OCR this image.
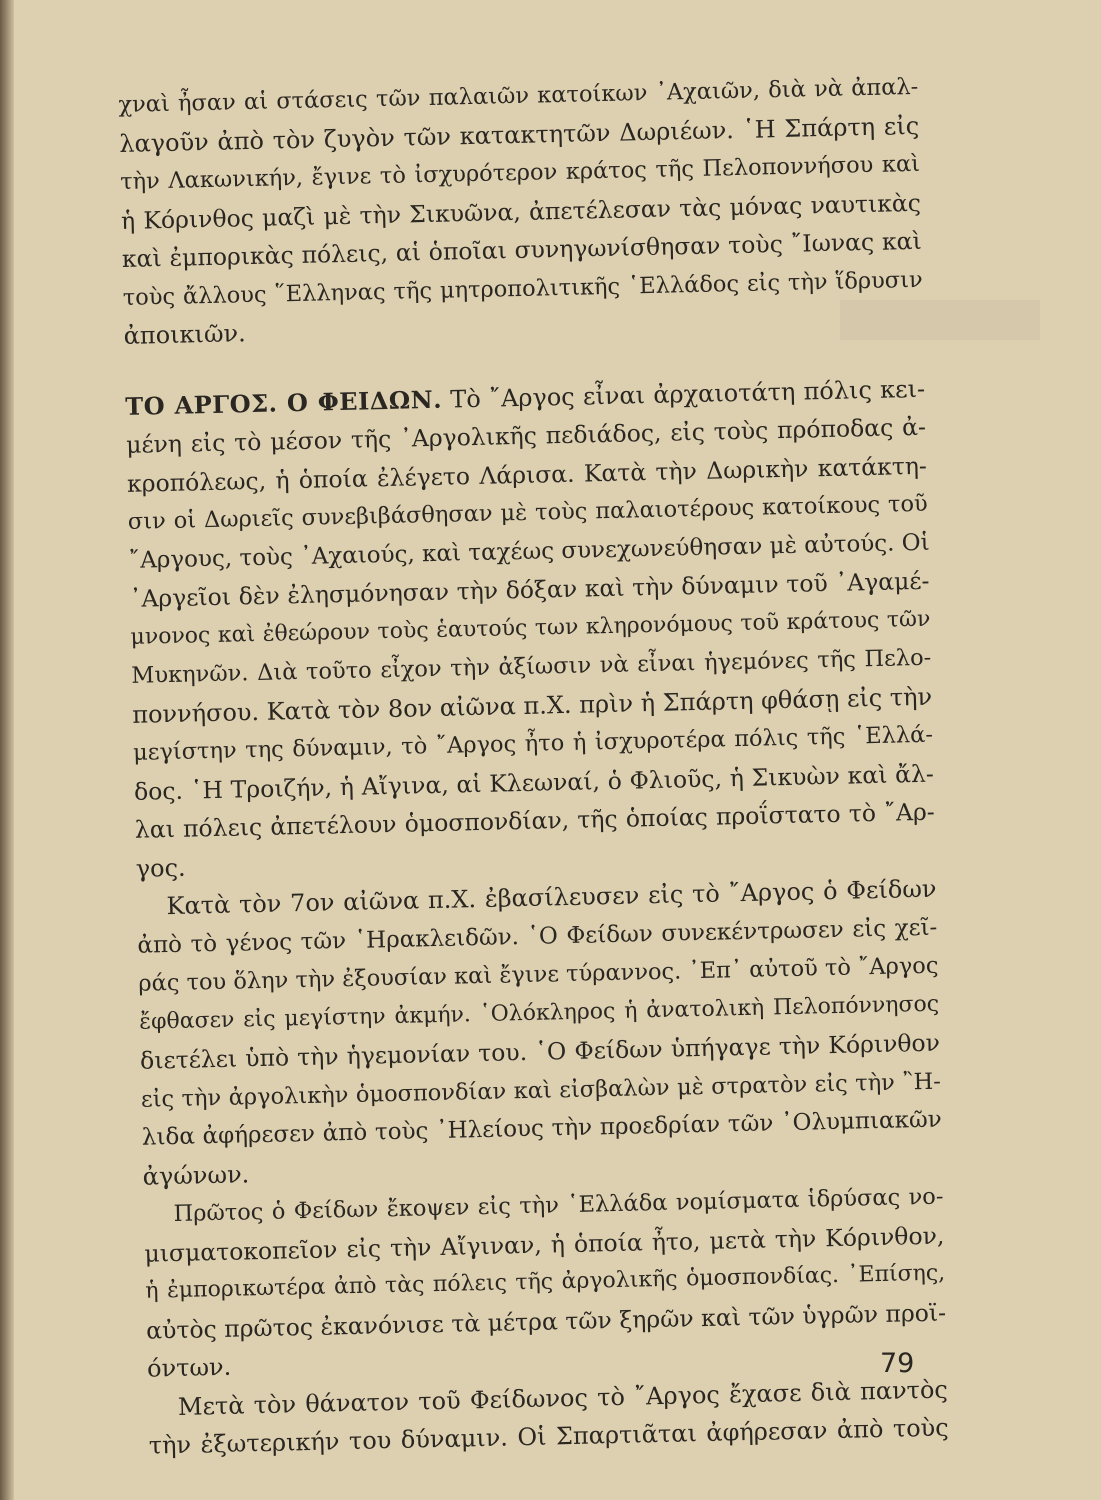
χναὶ ἦσαν αἱ στάσεις τῶν παλαιῶν κατοίκων ᾿Αχαιῶν, διὰ νὰ ἀπαλ-
λαγοῦν ἀπὸ τὸν ζυγὸν τῶν κατακτητῶν Δωριέων. ῾Η Σπάρτη εἰς
τὴν Λακωνικήν, ἔγινε τὸ ἰσχυρότερον κράτος τῆς Πελοποννήσου καὶ
ἡ Κόρινθος μαζὶ μὲ τὴν Σικυῶνα, ἀπετέλεσαν τὰς μόνας ναυτικὰς
καὶ ἐμπορικὰς πόλεις, αἱ ὁποῖαι συνηγωνίσθησαν τοὺς ῎Ιωνας καὶ
τοὺς ἄλλους ῞Ελληνας τῆς μητροπολιτικῆς ῾Ελλάδος εἰς τὴν ἵδρυσιν
ἀποικιῶν.
ΤΟ ΑΡΓΟΣ. Ο ΦΕΙΔΩΝ. Τὸ ῎Αργος εἶναι ἀρχαιοτάτη πόλις κει-
μένη εἰς τὸ μέσον τῆς ᾿Αργολικῆς πεδιάδος, εἰς τοὺς πρόποδας ἀ-
κροπόλεως, ἡ ὁποία ἐλέγετο Λάρισα. Κατὰ τὴν Δωρικὴν κατάκτη-
σιν οἱ Δωριεῖς συνεβιβάσθησαν μὲ τοὺς παλαιοτέρους κατοίκους τοῦ
῎Αργους, τοὺς ᾿Αχαιούς, καὶ ταχέως συνεχωνεύθησαν μὲ αὐτούς. Οἱ
᾿Αργεῖοι δὲν ἐλησμόνησαν τὴν δόξαν καὶ τὴν δύναμιν τοῦ ᾿Αγαμέ-
μνονος καὶ ἐθεώρουν τοὺς ἑαυτούς των κληρονόμους τοῦ κράτους τῶν
Μυκηνῶν. Διὰ τοῦτο εἶχον τὴν ἀξίωσιν νὰ εἶναι ἡγεμόνες τῆς Πελο-
ποννήσου. Κατὰ τὸν 8ον αἰῶνα π.Χ. πρὶν ἡ Σπάρτη φθάσῃ εἰς τὴν
μεγίστην της δύναμιν, τὸ ῎Αργος ἦτο ἡ ἰσχυροτέρα πόλις τῆς ῾Ελλά-
δος. ῾Η Τροιζήν, ἡ Αἴγινα, αἱ Κλεωναί, ὁ Φλιοῦς, ἡ Σικυὼν καὶ ἄλ-
λαι πόλεις ἀπετέλουν ὁμοσπονδίαν, τῆς ὁποίας προΐστατο τὸ ῎Αρ-
γος.
Κατὰ τὸν 7ον αἰῶνα π.Χ. ἐβασίλευσεν εἰς τὸ ῎Αργος ὁ Φείδων
ἀπὸ τὸ γένος τῶν ῾Ηρακλειδῶν. ῾Ο Φείδων συνεκέντρωσεν εἰς χεῖ-
ράς του ὅλην τὴν ἐξουσίαν καὶ ἔγινε τύραννος. ᾿Επ᾿ αὐτοῦ τὸ ῎Αργος
ἔφθασεν εἰς μεγίστην ἀκμήν. ῾Ολόκληρος ἡ ἀνατολικὴ Πελοπόννησος
διετέλει ὑπὸ τὴν ἡγεμονίαν του. ῾Ο Φείδων ὑπήγαγε τὴν Κόρινθον
εἰς τὴν ἀργολικὴν ὁμοσπονδίαν καὶ εἰσβαλὼν μὲ στρατὸν εἰς τὴν ῍Η-
λιδα ἀφήρεσεν ἀπὸ τοὺς ᾿Ηλείους τὴν προεδρίαν τῶν ᾿Ολυμπιακῶν
ἀγώνων.
Πρῶτος ὁ Φείδων ἔκοψεν εἰς τὴν ῾Ελλάδα νομίσματα ἱδρύσας νο-
μισματοκοπεῖον εἰς τὴν Αἴγιναν, ἡ ὁποία ἦτο, μετὰ τὴν Κόρινθον,
ἡ ἐμπορικωτέρα ἀπὸ τὰς πόλεις τῆς ἀργολικῆς ὁμοσπονδίας. ᾿Επίσης,
αὐτὸς πρῶτος ἐκανόνισε τὰ μέτρα τῶν ξηρῶν καὶ τῶν ὑγρῶν προϊ-
όντων.
Μετὰ τὸν θάνατον τοῦ Φείδωνος τὸ ῎Αργος ἔχασε διὰ παντὸς
τὴν ἐξωτερικήν του δύναμιν. Οἱ Σπαρτιᾶται ἀφήρεσαν ἀπὸ τοὺς
79
